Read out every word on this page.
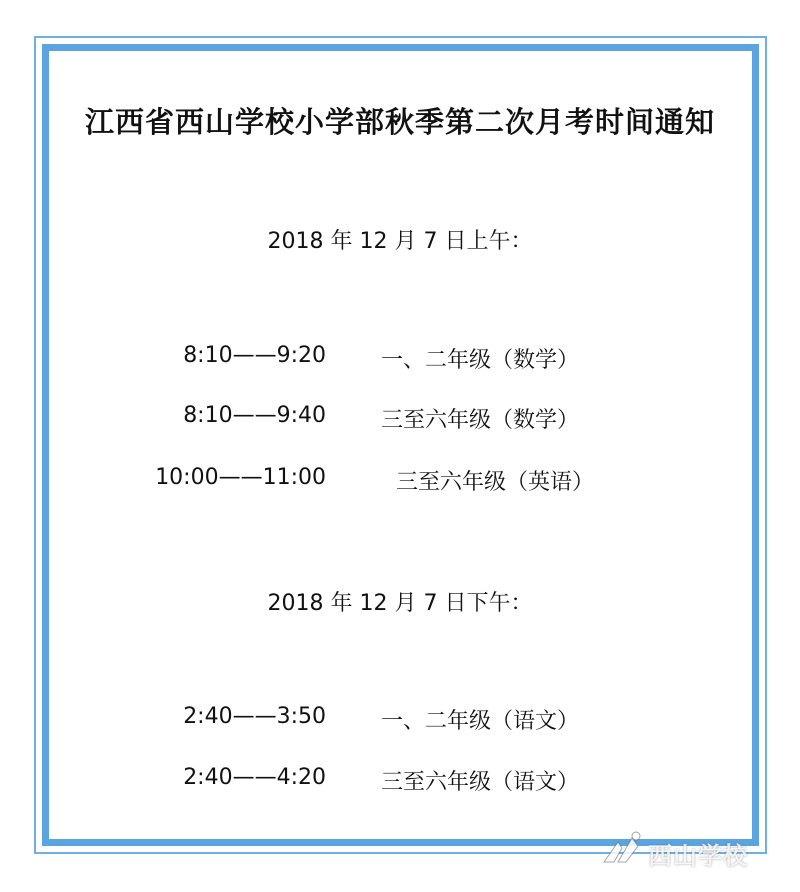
江西省西山学校小学部秋季第二次月考时间通知
2018 年 12 月 7 日上午：
8:10——9:20	一、二年级（数学）
8:10——9:40	三至六年级（数学）
10:00——11:00	三至六年级（英语）
2018 年 12 月 7 日下午：
2:40——3:50	一、二年级（语文）
2:40——4:20	三至六年级（语文）
西山学校
